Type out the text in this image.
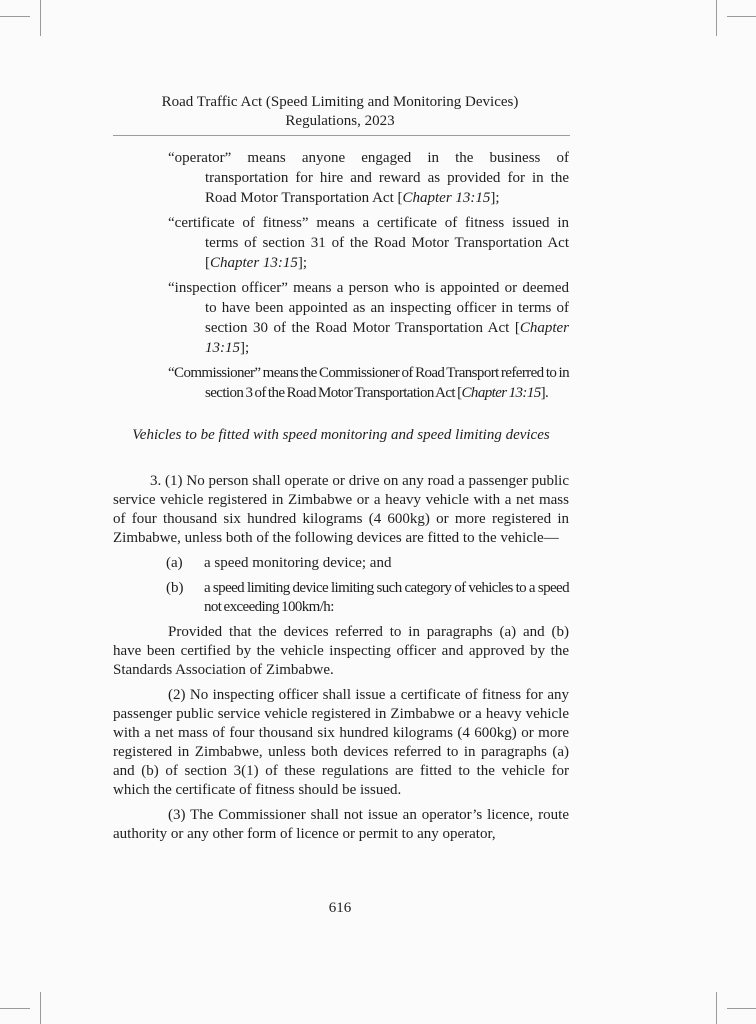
Road Traffic Act (Speed Limiting and Monitoring Devices)
Regulations, 2023
“operator” means anyone engaged in the business of transportation for hire and reward as provided for in the Road Motor Transportation Act [Chapter 13:15];
“certificate of fitness” means a certificate of fitness issued in terms of section 31 of the Road Motor Transportation Act [Chapter 13:15];
“inspection officer” means a person who is appointed or deemed to have been appointed as an inspecting officer in terms of section 30 of the Road Motor Transportation Act [Chapter 13:15];
“Commissioner” means the Commissioner of Road Transport referred to in section 3 of the Road Motor Transportation Act [Chapter 13:15].
Vehicles to be fitted with speed monitoring and speed limiting devices

3. (1) No person shall operate or drive on any road a passenger public service vehicle registered in Zimbabwe or a heavy vehicle with a net mass of four thousand six hundred kilograms (4 600kg) or more registered in Zimbabwe, unless both of the following devices are fitted to the vehicle—

(a) a speed monitoring device; and
(b) a speed limiting device limiting such category of vehicles to a speed not exceeding 100km/h:

Provided that the devices referred to in paragraphs (a) and (b) have been certified by the vehicle inspecting officer and approved by the Standards Association of Zimbabwe.

(2) No inspecting officer shall issue a certificate of fitness for any passenger public service vehicle registered in Zimbabwe or a heavy vehicle with a net mass of four thousand six hundred kilograms (4 600kg) or more registered in Zimbabwe, unless both devices referred to in paragraphs (a) and (b) of section 3(1) of these regulations are fitted to the vehicle for which the certificate of fitness should be issued.

(3) The Commissioner shall not issue an operator’s licence, route authority or any other form of licence or permit to any operator,

616
